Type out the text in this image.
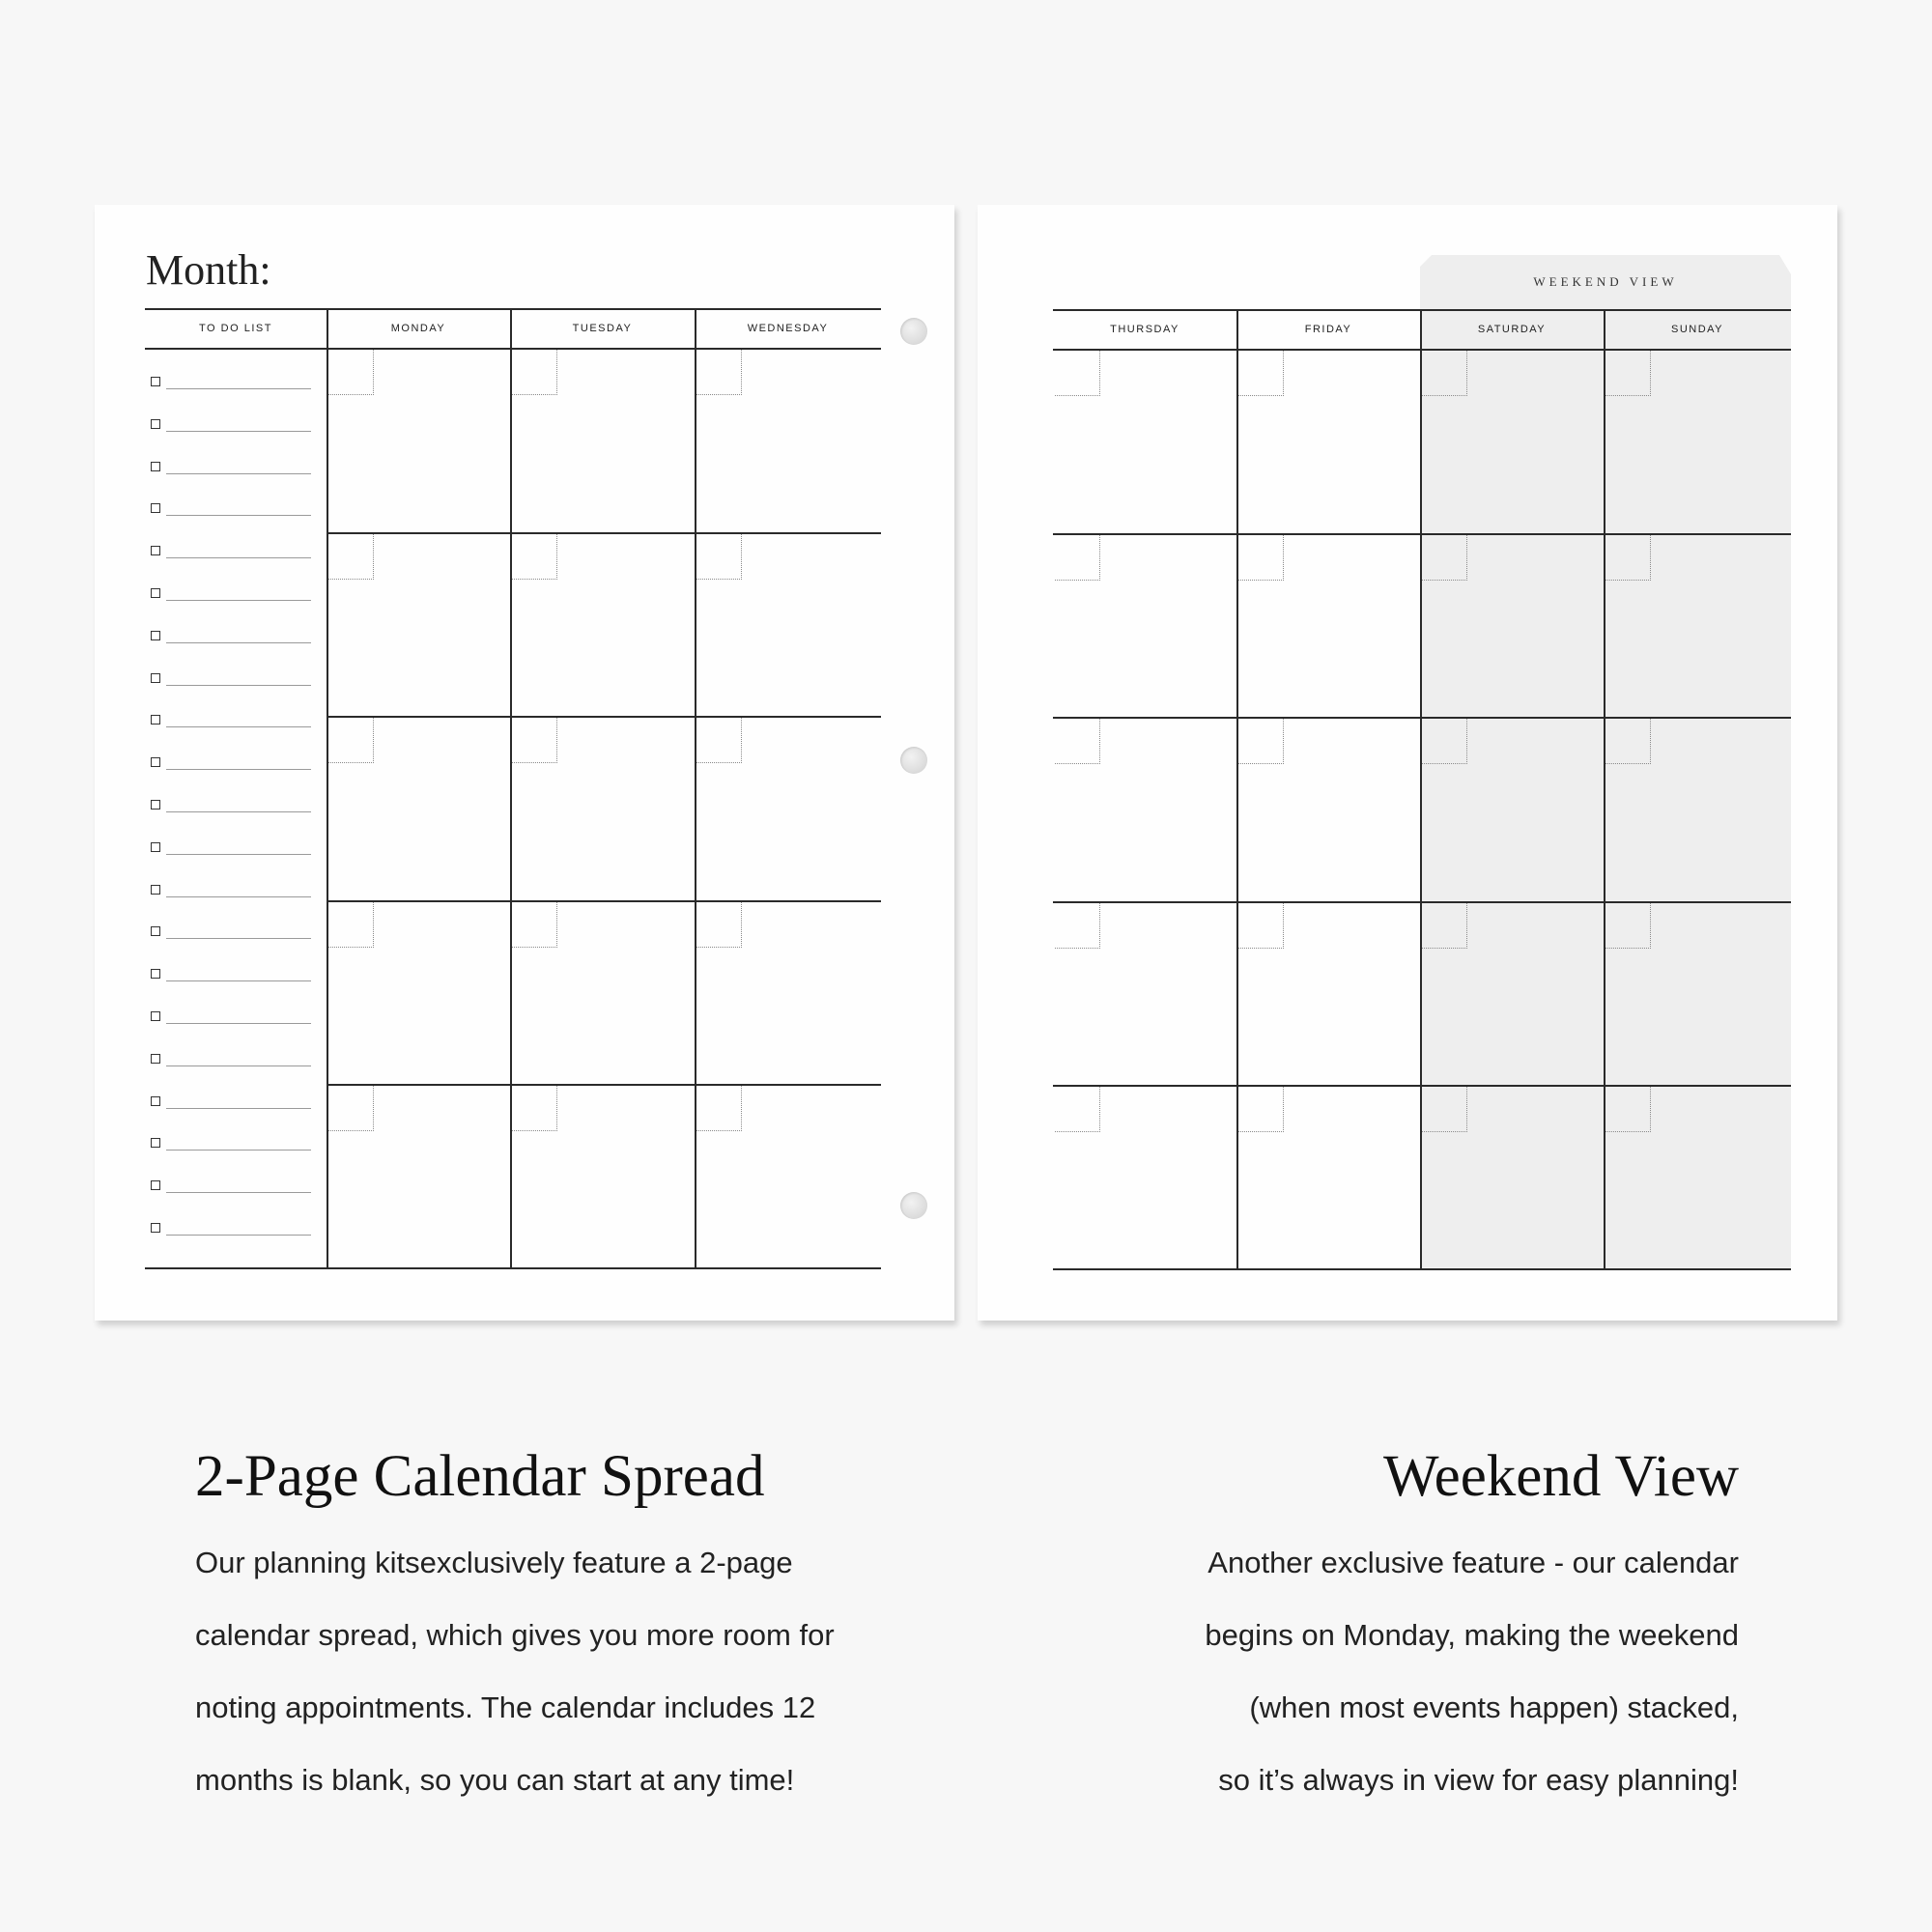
Month:
TO DO LIST	MONDAY	TUESDAY	WEDNESDAY
WEEKEND VIEW
THURSDAY	FRIDAY	SATURDAY	SUNDAY
2-Page Calendar Spread
Our planning kitsexclusively feature a 2-page
calendar spread, which gives you more room for
noting appointments. The calendar includes 12
months is blank, so you can start at any time!
Weekend View
Another exclusive feature - our calendar
begins on Monday, making the weekend
(when most events happen) stacked,
so it’s always in view for easy planning!
